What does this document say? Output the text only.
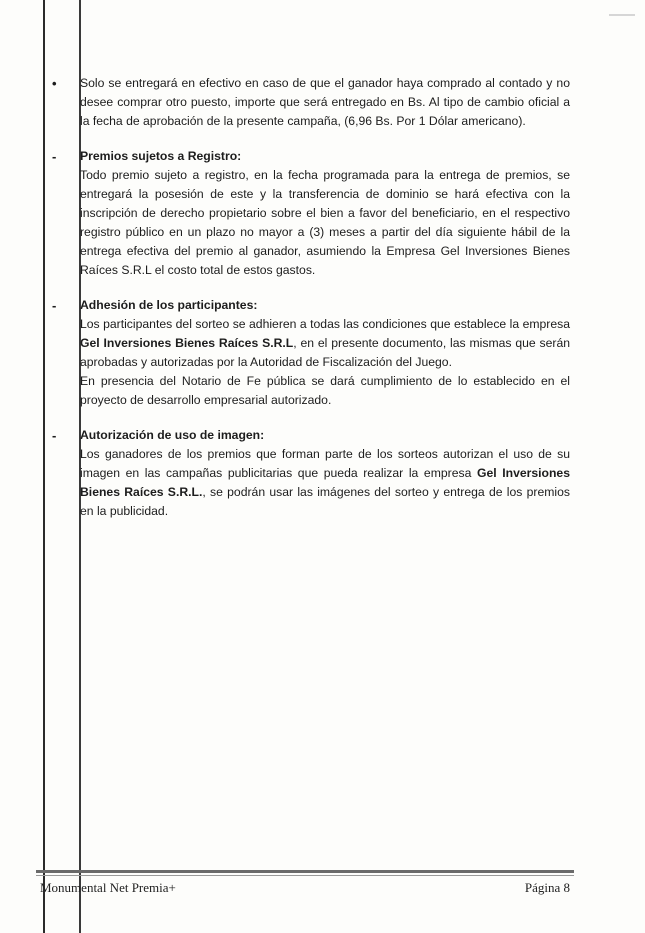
•	Solo se entregará en efectivo en caso de que el ganador haya comprado al contado y no desee comprar otro puesto, importe que será entregado en Bs. Al tipo de cambio oficial a la fecha de aprobación de la presente campaña, (6,96 Bs. Por 1 Dólar americano).

-	Premios sujetos a Registro:

Todo premio sujeto a registro, en la fecha programada para la entrega de premios, se entregará la posesión de este y la transferencia de dominio se hará efectiva con la inscripción de derecho propietario sobre el bien a favor del beneficiario, en el respectivo registro público en un plazo no mayor a (3) meses a partir del día siguiente hábil de la entrega efectiva del premio al ganador, asumiendo la Empresa Gel Inversiones Bienes Raíces S.R.L el costo total de estos gastos.

-	Adhesión de los participantes:

Los participantes del sorteo se adhieren a todas las condiciones que establece la empresa Gel Inversiones Bienes Raíces S.R.L, en el presente documento, las mismas que serán aprobadas y autorizadas por la Autoridad de Fiscalización del Juego.

En presencia del Notario de Fe pública se dará cumplimiento de lo establecido en el proyecto de desarrollo empresarial autorizado.

-	Autorización de uso de imagen:

Los ganadores de los premios que forman parte de los sorteos autorizan el uso de su imagen en las campañas publicitarias que pueda realizar la empresa Gel Inversiones Bienes Raíces S.R.L., se podrán usar las imágenes del sorteo y entrega de los premios en la publicidad.

Monumental Net Premia+	Página 8
